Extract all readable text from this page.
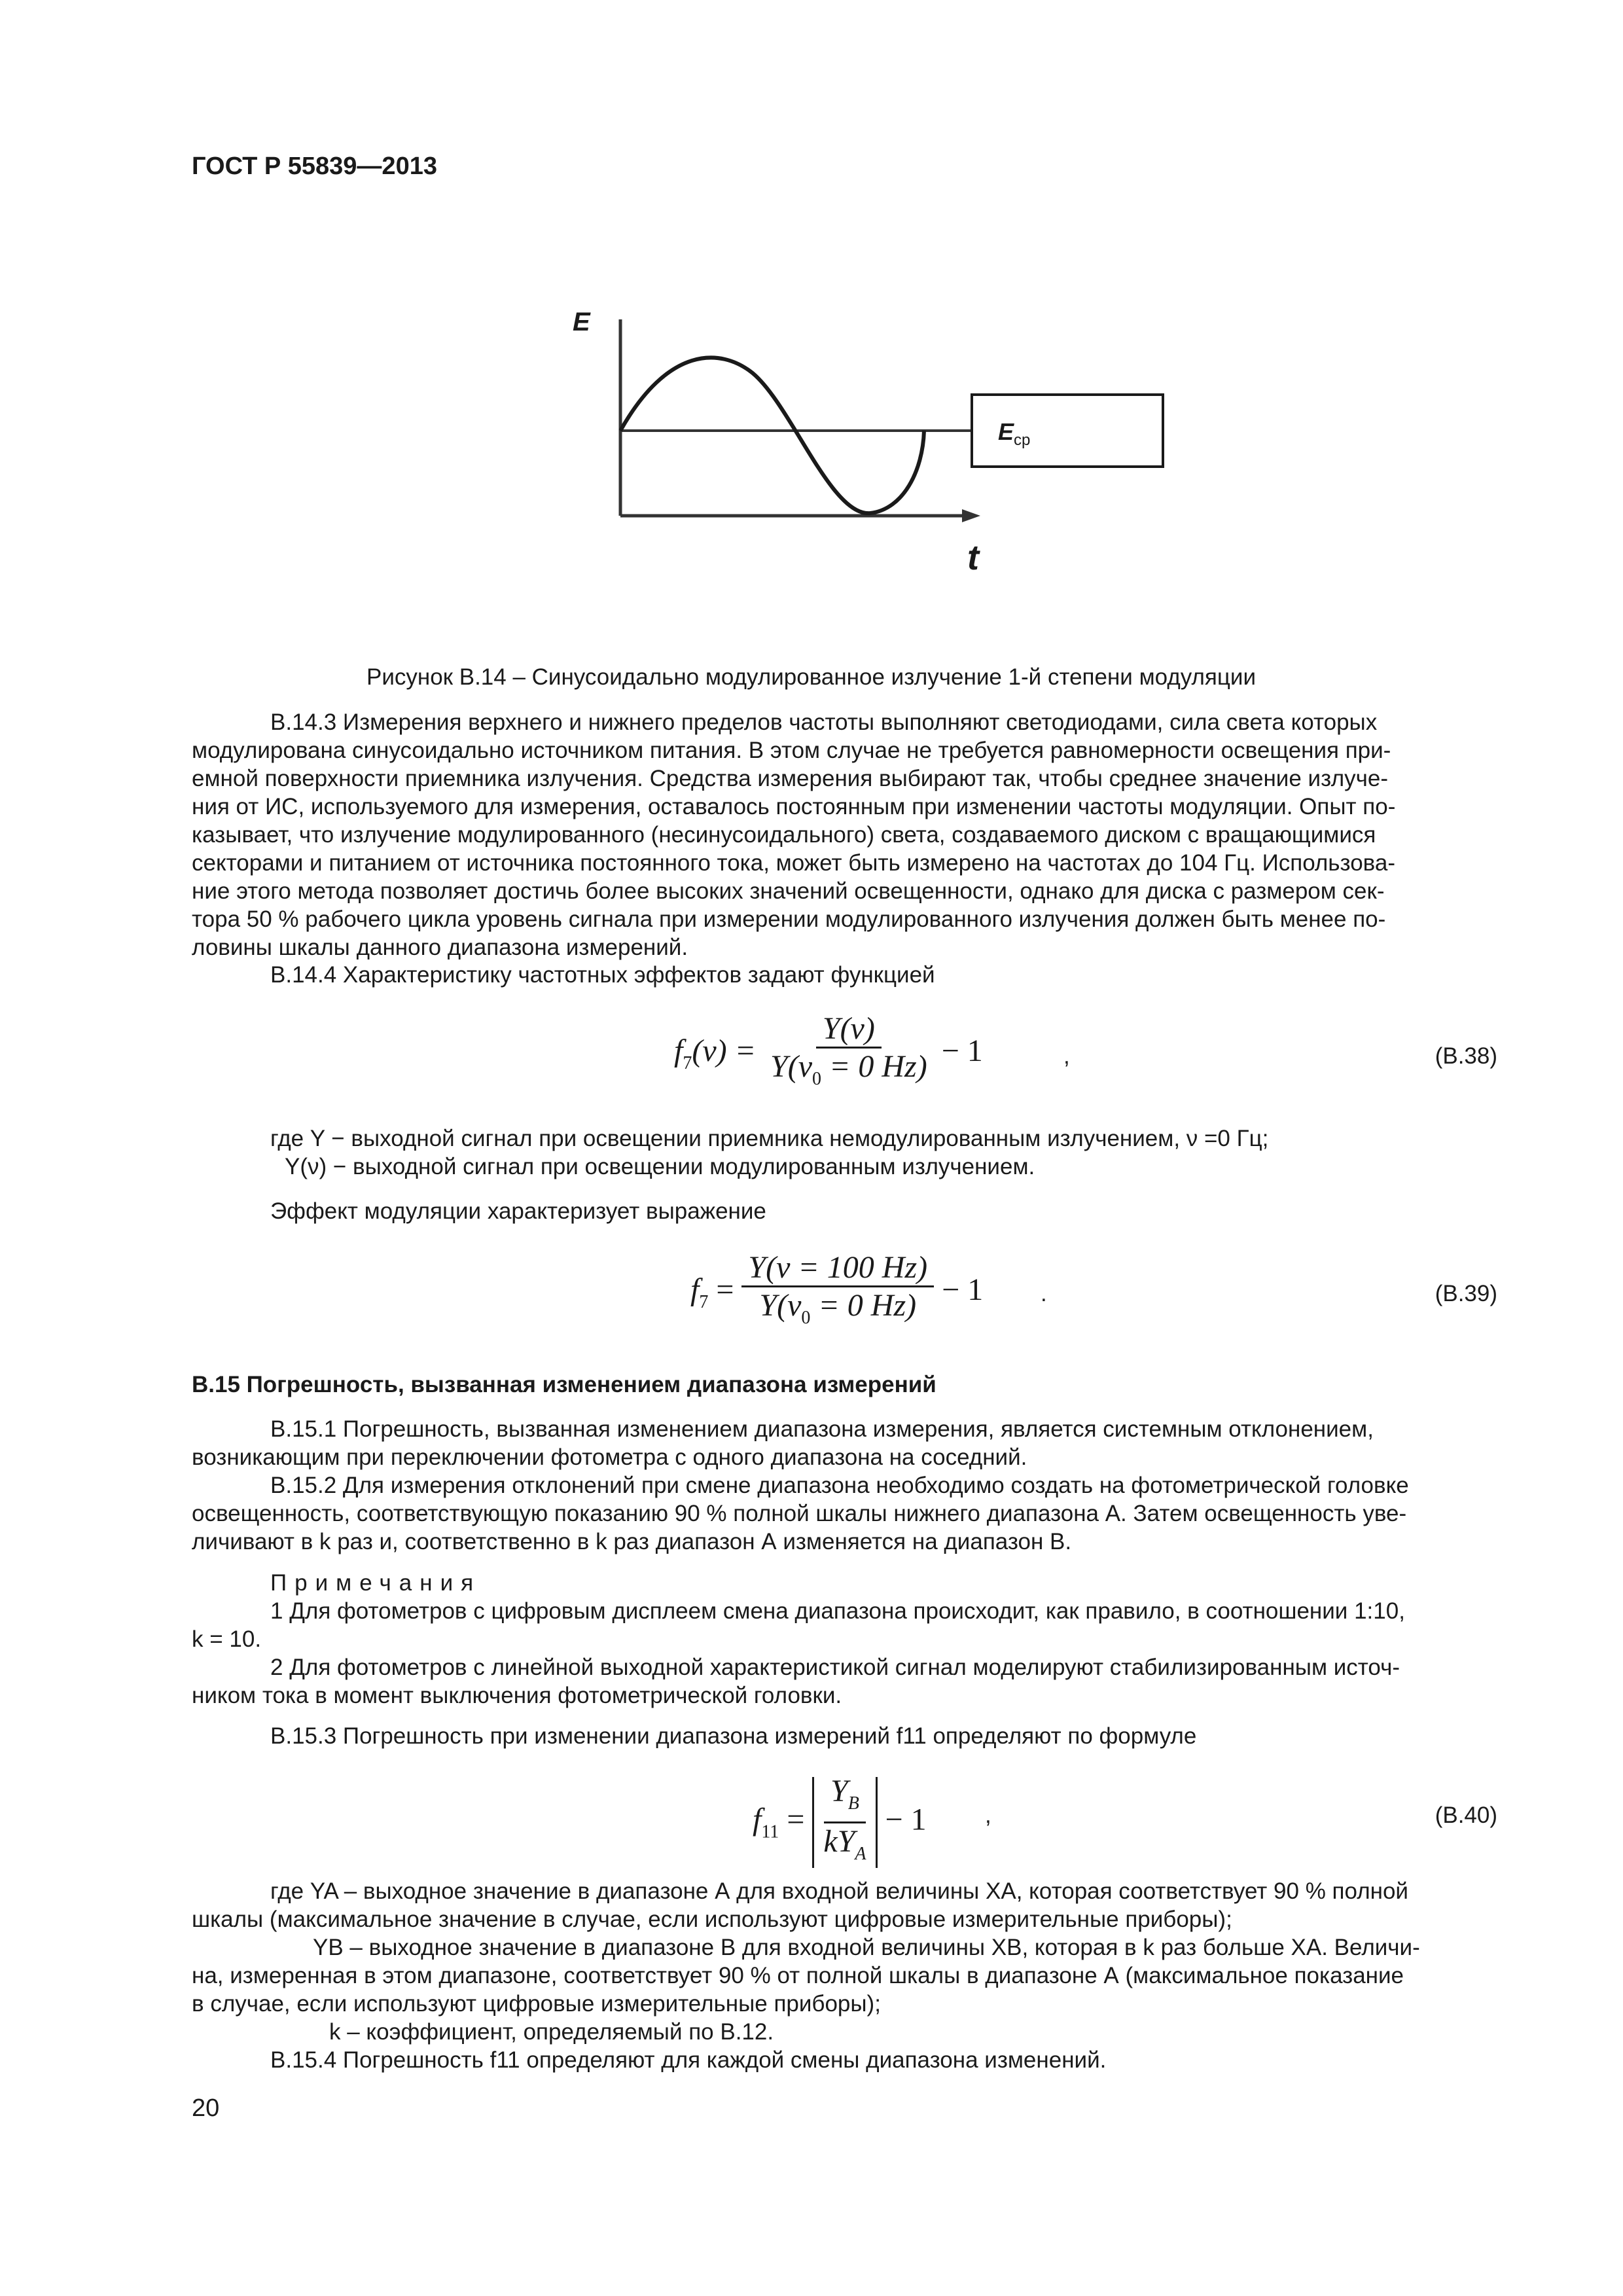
ГОСТ Р 55839—2013
E
$E_{ср}$
t
Рисунок В.14 – Синусоидально модулированное излучение 1-й степени модуляции
В.14.3 Измерения верхнего и нижнего пределов частоты выполняют светодиодами, сила света которых
модулирована синусоидально источником питания. В этом случае не требуется равномерности освещения при-
емной поверхности приемника излучения. Средства измерения выбирают так, чтобы среднее значение излуче-
ния от ИС, используемого для измерения, оставалось постоянным при изменении частоты модуляции. Опыт по-
казывает, что излучение модулированного (несинусоидального) света, создаваемого диском с вращающимися
секторами и питанием от источника постоянного тока, может быть измерено на частотах до 104 Гц. Использова-
ние этого метода позволяет достичь более высоких значений освещенности, однако для диска с размером сек-
тора 50 % рабочего цикла уровень сигнала при измерении модулированного излучения должен быть менее по-
ловины шкалы данного диапазона измерений.
В.14.4 Характеристику частотных эффектов задают функцией
$f_7(\nu) = \frac{Y(\nu)}{Y(\nu_0 = 0 Hz)} - 1$	,	(В.38)
где Y − выходной сигнал при освещении приемника немодулированным излучением, ν =0 Гц;
Y(ν) − выходной сигнал при освещении модулированным излучением.
Эффект модуляции характеризует выражение
$f_7 = \frac{Y(\nu = 100 Hz)}{Y(\nu_0 = 0 Hz)} - 1$	.	(В.39)
В.15 Погрешность, вызванная изменением диапазона измерений
В.15.1 Погрешность, вызванная изменением диапазона измерения, является системным отклонением,
возникающим при переключении фотометра с одного диапазона на соседний.
В.15.2 Для измерения отклонений при смене диапазона необходимо создать на фотометрической головке
освещенность, соответствующую показанию 90 % полной шкалы нижнего диапазона А. Затем освещенность уве-
личивают в k раз и, соответственно в k раз диапазон А изменяется на диапазон В.
Примечания
1 Для фотометров с цифровым дисплеем смена диапазона происходит, как правило, в соотношении 1:10,
k = 10.
2 Для фотометров с линейной выходной характеристикой сигнал моделируют стабилизированным источ-
ником тока в момент выключения фотометрической головки.
В.15.3 Погрешность при изменении диапазона измерений f11 определяют по формуле
$f_{11} = \frac{Y_B}{kY_A} - 1$	,	(В.40)
где YA – выходное значение в диапазоне А для входной величины XA, которая соответствует 90 % полной
шкалы (максимальное значение в случае, если используют цифровые измерительные приборы);
YB – выходное значение в диапазоне В для входной величины XB, которая в k раз больше XA. Величи-
на, измеренная в этом диапазоне, соответствует 90 % от полной шкалы в диапазоне А (максимальное показание
в случае, если используют цифровые измерительные приборы);
k – коэффициент, определяемый по В.12.
В.15.4 Погрешность f11 определяют для каждой смены диапазона изменений.
20
